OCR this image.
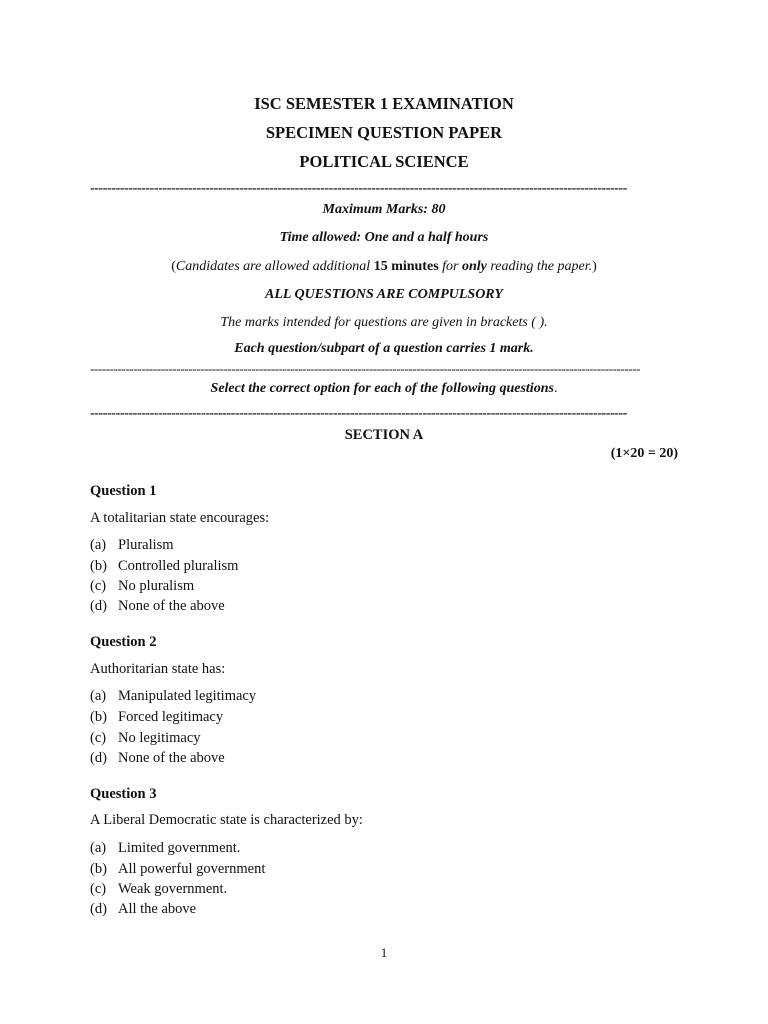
ISC SEMESTER 1 EXAMINATION
SPECIMEN QUESTION PAPER
POLITICAL SCIENCE
------------------------------------------------------------------------------------------------------------------------------
Maximum Marks: 80
Time allowed: One and a half hours
(Candidates are allowed additional 15 minutes for only reading the paper.)
ALL QUESTIONS ARE COMPULSORY
The marks intended for questions are given in brackets ( ).
Each question/subpart of a question carries 1 mark.
--------------------------------------------------------------------------------------------------------------------------------------------
Select the correct option for each of the following questions.
------------------------------------------------------------------------------------------------------------------------------
SECTION A
(1×20 = 20)
Question 1
A totalitarian state encourages:
(a) Pluralism
(b) Controlled pluralism
(c) No pluralism
(d) None of the above
Question 2
Authoritarian state has:
(a) Manipulated legitimacy
(b) Forced legitimacy
(c) No legitimacy
(d) None of the above
Question 3
A Liberal Democratic state is characterized by:
(a) Limited government.
(b) All powerful government
(c) Weak government.
(d) All the above
1
